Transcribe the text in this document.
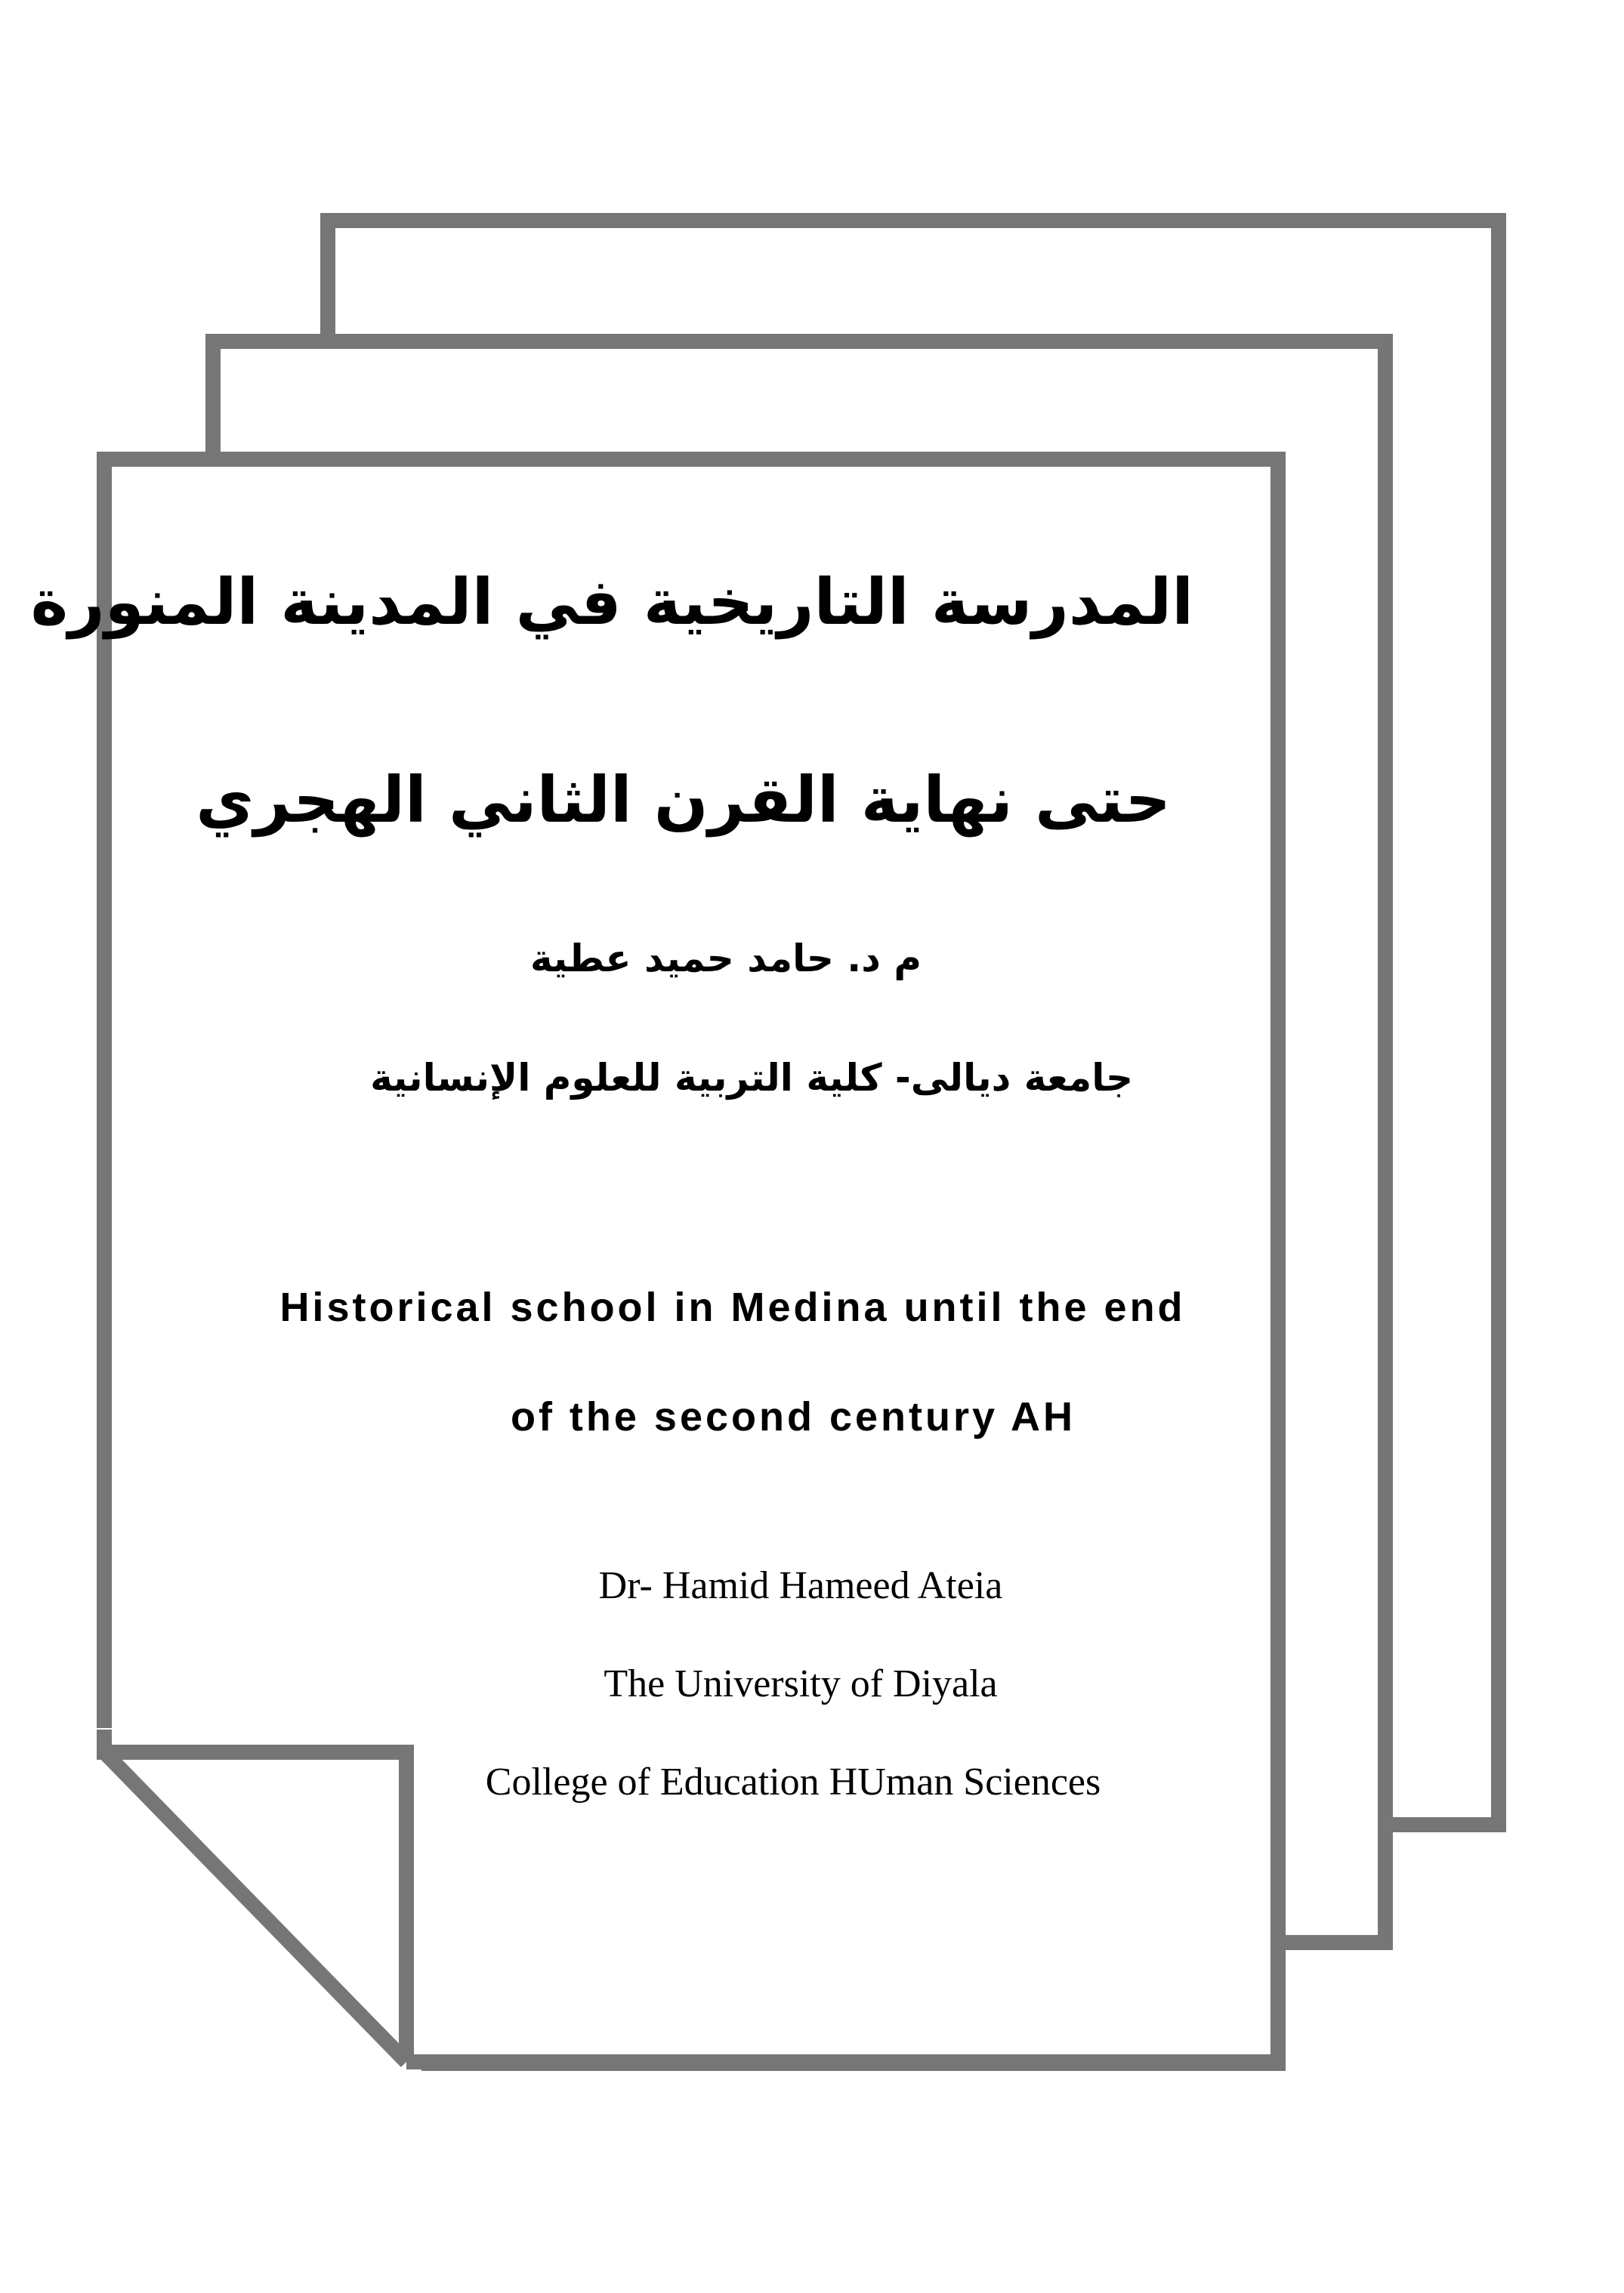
المدرسة التاريخية في المدينة المنورة
حتى نهاية القرن الثاني الهجري
م د. حامد حميد عطية
جامعة ديالى- كلية التربية للعلوم الإنسانية
Historical school in Medina until the end
of the second century AH
Dr- Hamid Hameed Ateia
The University of Diyala
College of Education HUman Sciences
